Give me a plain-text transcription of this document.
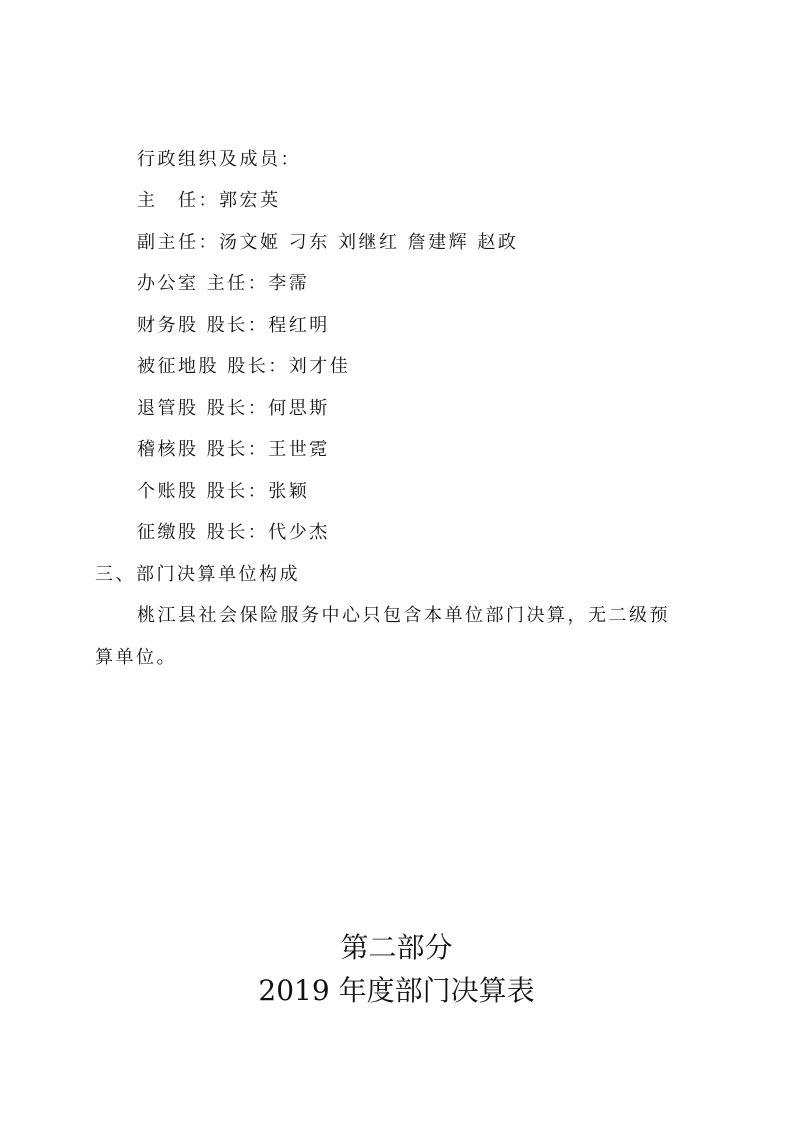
行政组织及成员：
主　任：郭宏英
副主任：汤文姬 刁东 刘继红 詹建辉 赵政
办公室 主任：李霈
财务股 股长：程红明
被征地股 股长：刘才佳
退管股 股长：何思斯
稽核股 股长：王世霓
个账股 股长：张颖
征缴股 股长：代少杰
三、部门决算单位构成
桃江县社会保险服务中心只包含本单位部门决算，无二级预
算单位。
第二部分
2019 年度部门决算表
